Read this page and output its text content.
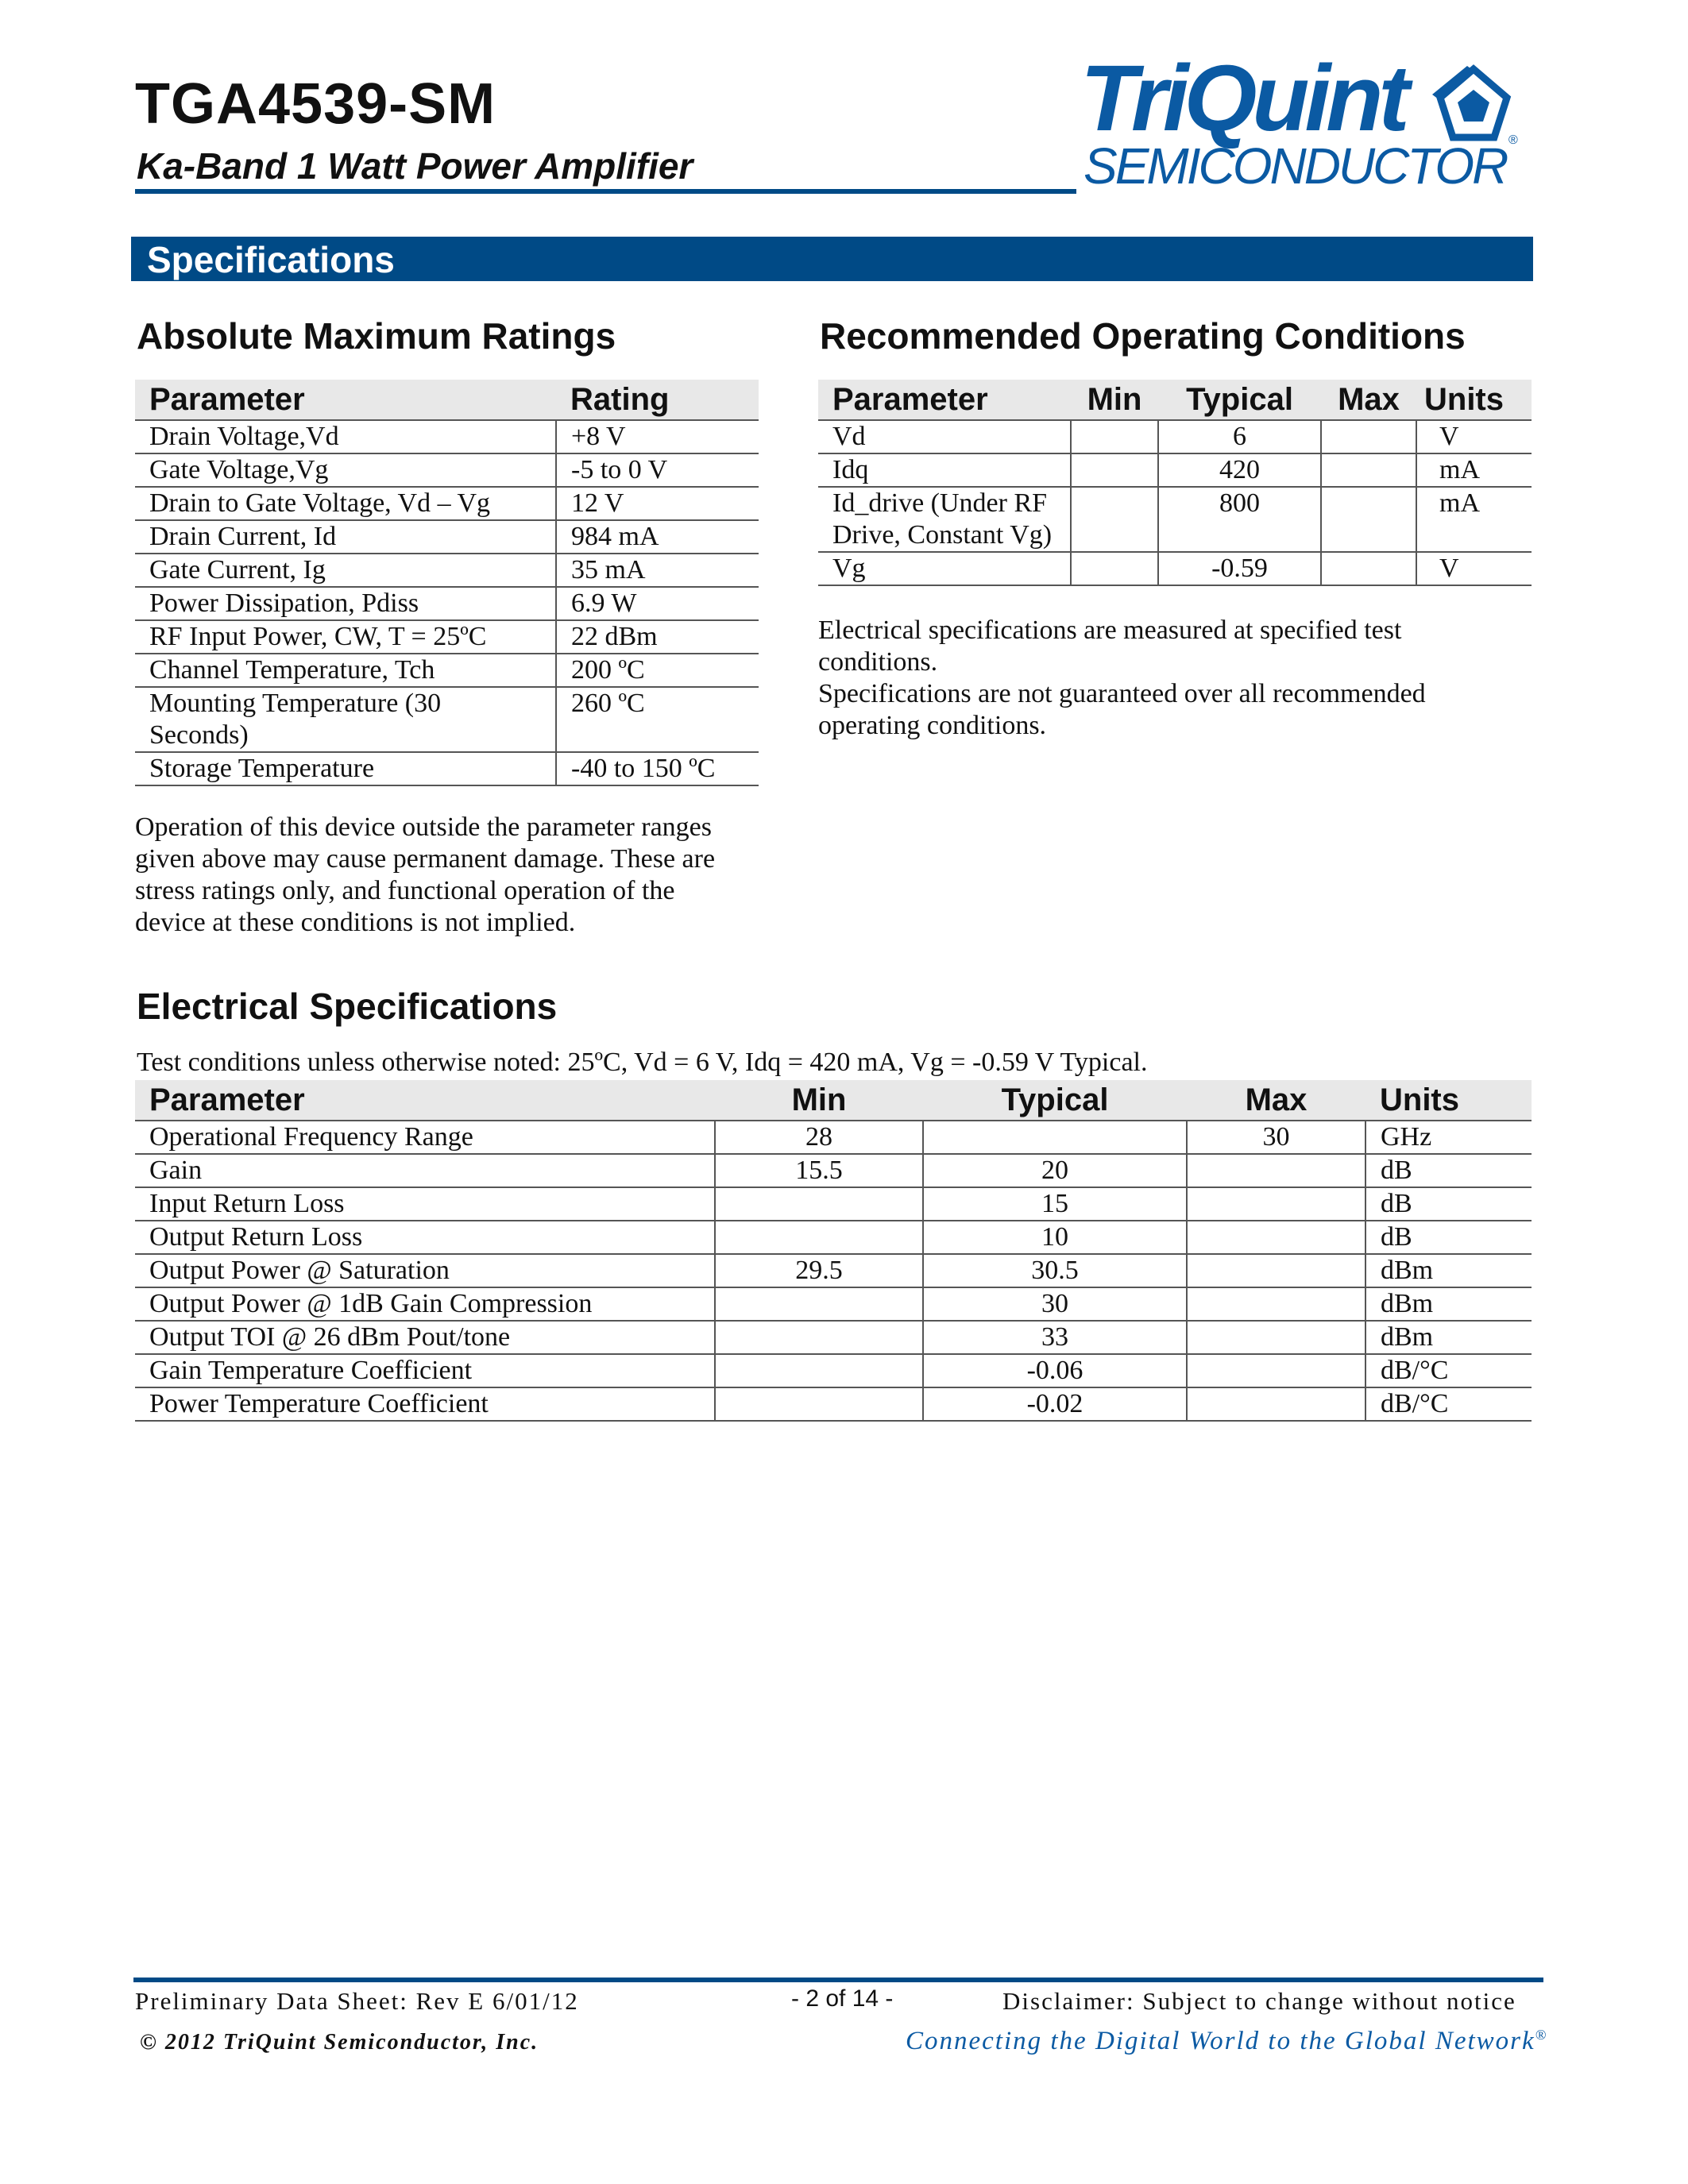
TGA4539-SM
Ka-Band 1 Watt Power Amplifier
TriQuint	®
SEMICONDUCTOR
Specifications
Absolute Maximum Ratings
Parameter	Rating
Drain Voltage,Vd	+8 V
Gate Voltage,Vg	-5 to 0 V
Drain to Gate Voltage, Vd – Vg	12 V
Drain Current, Id	984 mA
Gate Current, Ig	35 mA
Power Dissipation, Pdiss	6.9 W
RF Input Power, CW, T = 25ºC	22 dBm
Channel Temperature, Tch	200 ºC
Mounting Temperature (30 Seconds)	260 ºC
Storage Temperature	-40 to 150 ºC

Operation of this device outside the parameter ranges given above may cause permanent damage. These are stress ratings only, and functional operation of the device at these conditions is not implied.

Recommended Operating Conditions
Parameter	Min	Typical	Max	Units
Vd		6		V
Idq		420		mA
Id_drive (Under RF Drive, Constant Vg)		800		mA
Vg		-0.59		V

Electrical specifications are measured at specified test conditions.

Specifications are not guaranteed over all recommended operating conditions.

Electrical Specifications

Test conditions unless otherwise noted: 25ºC, Vd = 6 V, Idq = 420 mA, Vg = -0.59 V Typical.

Parameter	Min	Typical	Max	Units
Operational Frequency Range	28		30	GHz
Gain	15.5	20		dB
Input Return Loss		15		dB
Output Return Loss		10		dB
Output Power @ Saturation	29.5	30.5		dBm
Output Power @ 1dB Gain Compression		30		dBm
Output TOI @ 26 dBm Pout/tone		33		dBm
Gain Temperature Coefficient		-0.06		dB/°C
Power Temperature Coefficient		-0.02		dB/°C
Preliminary Data Sheet: Rev E 6/01/12	- 2 of 14 -	Disclaimer: Subject to change without notice
© 2012 TriQuint Semiconductor, Inc.	Connecting the Digital World to the Global Network®
